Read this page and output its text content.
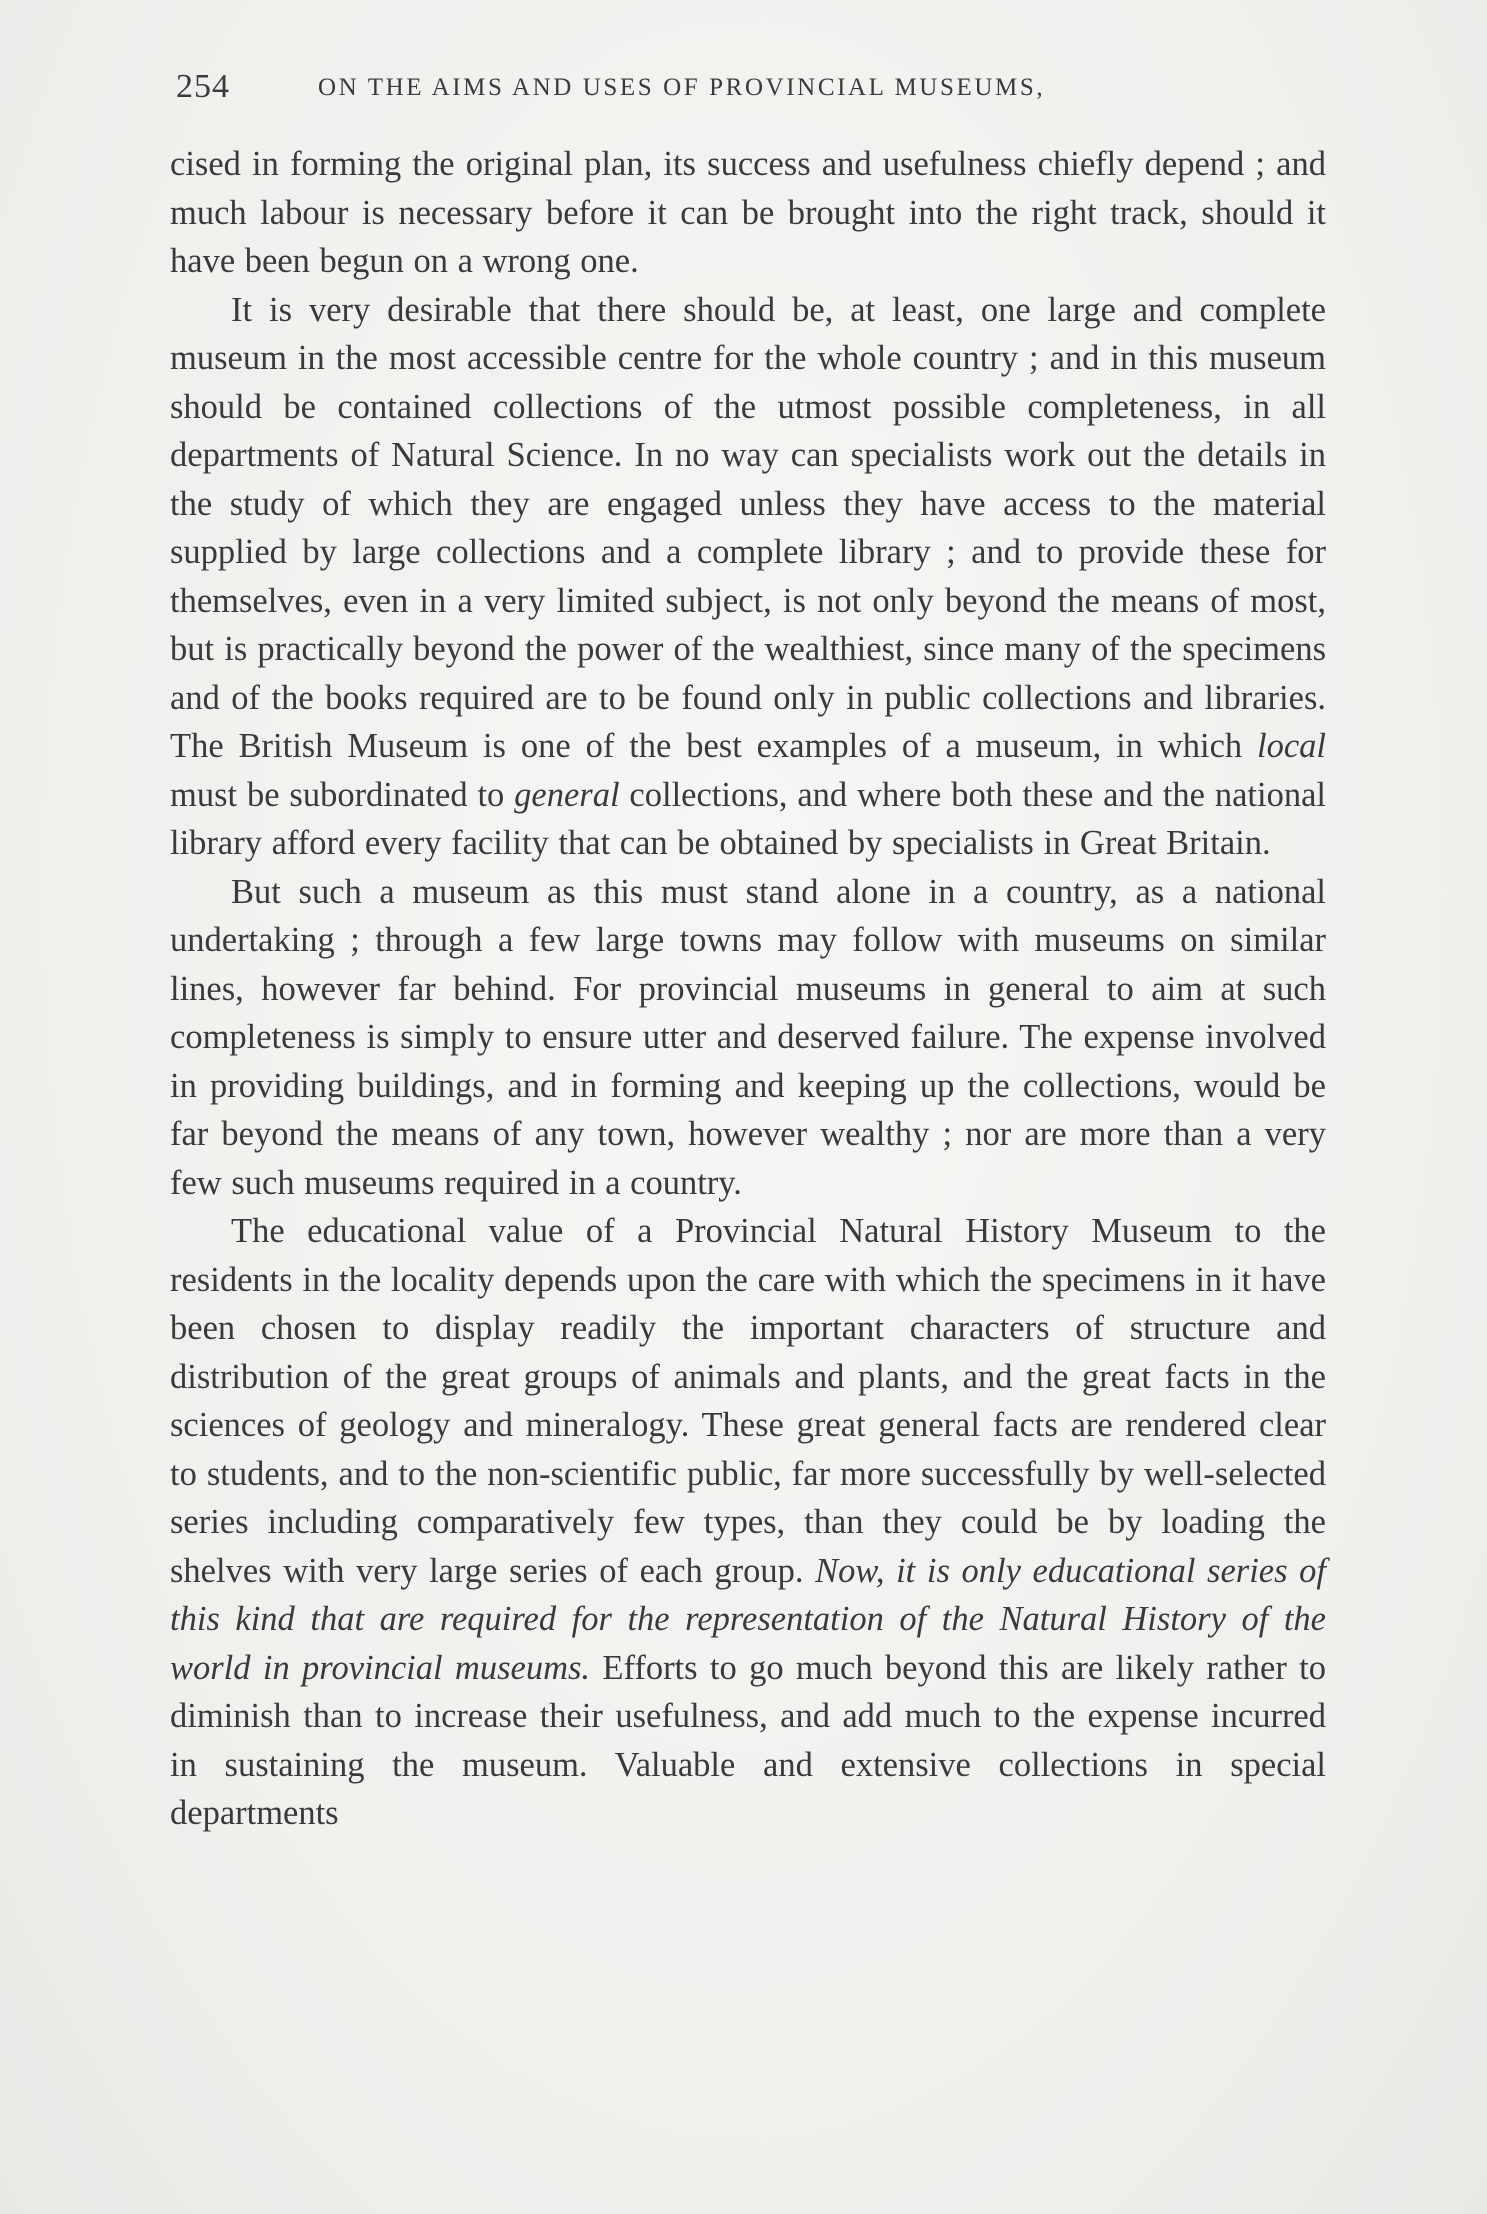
254	ON THE AIMS AND USES OF PROVINCIAL MUSEUMS,

cised in forming the original plan, its success and usefulness chiefly depend ; and much labour is necessary before it can be brought into the right track, should it have been begun on a wrong one.

It is very desirable that there should be, at least, one large and complete museum in the most accessible centre for the whole country ; and in this museum should be contained collections of the utmost possible completeness, in all departments of Natural Science. In no way can specialists work out the details in the study of which they are engaged unless they have access to the material supplied by large collections and a complete library ; and to provide these for themselves, even in a very limited subject, is not only beyond the means of most, but is practically beyond the power of the wealthiest, since many of the specimens and of the books required are to be found only in public collections and libraries. The British Museum is one of the best examples of a museum, in which local must be subordinated to general collections, and where both these and the national library afford every facility that can be obtained by specialists in Great Britain.

But such a museum as this must stand alone in a country, as a national undertaking ; through a few large towns may follow with museums on similar lines, however far behind. For provincial museums in general to aim at such completeness is simply to ensure utter and deserved failure. The expense involved in providing buildings, and in forming and keeping up the collections, would be far beyond the means of any town, however wealthy ; nor are more than a very few such museums required in a country.

The educational value of a Provincial Natural History Museum to the residents in the locality depends upon the care with which the specimens in it have been chosen to display readily the important characters of structure and distribution of the great groups of animals and plants, and the great facts in the sciences of geology and mineralogy. These great general facts are rendered clear to students, and to the non-scientific public, far more successfully by well-selected series including comparatively few types, than they could be by loading the shelves with very large series of each group. Now, it is only educational series of this kind that are required for the representation of the Natural History of the world in provincial museums. Efforts to go much beyond this are likely rather to diminish than to increase their usefulness, and add much to the expense incurred in sustaining the museum. Valuable and extensive collections in special departments
